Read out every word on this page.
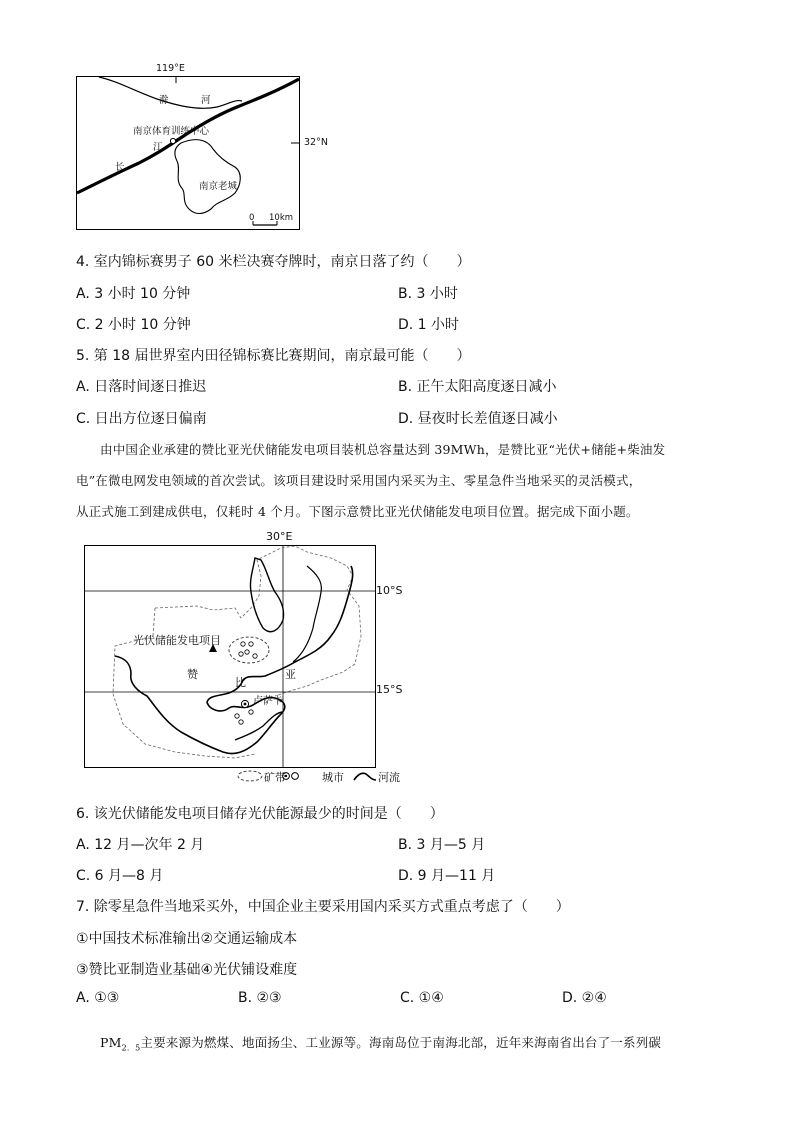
119°E
32°N
滁	河
南京体育训练中心
江
长
南京老城
0 10km
4. 室内锦标赛男子 60 米栏决赛夺牌时，南京日落了约（　　）
A. 3 小时 10 分钟	B. 3 小时
C. 2 小时 10 分钟	D. 1 小时
5. 第 18 届世界室内田径锦标赛比赛期间，南京最可能（　　）
A. 日落时间逐日推迟	B. 正午太阳高度逐日减小
C. 日出方位逐日偏南	D. 昼夜时长差值逐日减小
由中国企业承建的赞比亚光伏储能发电项目装机总容量达到 39MWh，是赞比亚“光伏+储能+柴油发
电”在微电网发电领域的首次尝试。该项目建设时采用国内采买为主、零星急件当地采买的灵活模式，
从正式施工到建成供电，仅耗时 4 个月。下图示意赞比亚光伏储能发电项目位置。据完成下面小题。
30°E
10°S
15°S
光伏储能发电项目
赞
比
亚
卢萨卡
矿带	城市	河流
6. 该光伏储能发电项目储存光伏能源最少的时间是（　　）
A. 12 月—次年 2 月	B. 3 月—5 月
C. 6 月—8 月	D. 9 月—11 月
7. 除零星急件当地采买外，中国企业主要采用国内采买方式重点考虑了（　　）
①中国技术标准输出②交通运输成本
③赞比亚制造业基础④光伏铺设难度
A. ①③	B. ②③	C. ①④	D. ②④
$PM_{2.5}$主要来源为燃煤、地面扬尘、工业源等。海南岛位于南海北部，近年来海南省出台了一系列碳
